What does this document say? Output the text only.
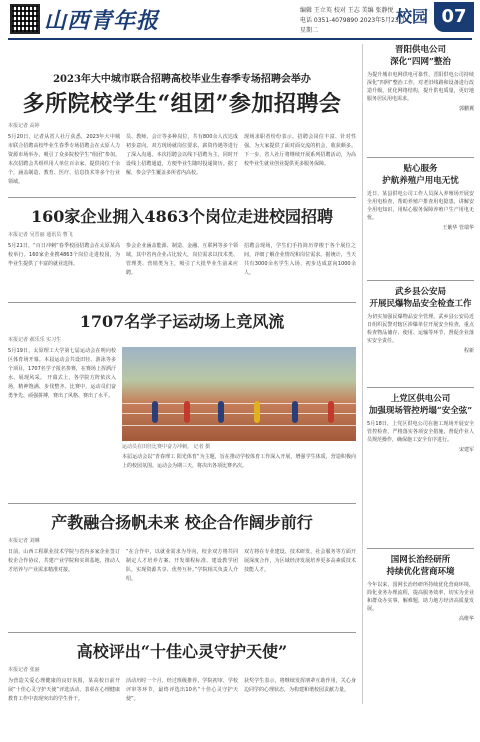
山西青年报	编辑 王立英 校对 王志 美编 张静悦
电话 0351-4079890 2023年5月23日 星期二
校园 07
2023年大中城市联合招聘高校毕业生春季专场招聘会举办
多所院校学生“组团”参加招聘会
本报记者 高婷
5月20日，记者从省人社厅获悉，2023年大中城市联合招聘高校毕业生春季专场招聘会在太原人力资源市场举办，吸引了众多院校学生“组团”参加。本次招聘会共组织用人单位百余家，提供岗位千余个，涵盖制造、教育、医疗、信息技术等多个行业领域。
员、教师、会计等多种岗位，共有800余人次达成初步意向。双方现场就岗位要求、薪资待遇等进行了深入沟通。本次招聘会以线下招聘为主，同时开设线上招聘通道，方便毕业生随时投递简历。据了解，参会学生覆盖多所省内高校。
现场求职者纷纷表示，招聘会岗位丰富、针对性强，为大家提供了面对面交流的机会，收获颇多。下一步，省人社厅将继续开展系列招聘活动，为高校毕业生就业创业提供更多服务保障。
160家企业拥入4863个岗位走进校园招聘
本报记者 吴晋丽 通讯员 曹飞
5月21日，“百日冲刺”春季校园招聘会在太原某高校举行。160家企业携4863个岗位走进校园，为毕业生提供了丰富的就业选择。
参会企业涵盖能源、制造、金融、互联网等多个领域，其中省内企业占比较大，岗位需求以技术类、管理类、营销类为主，吸引了大批毕业生前来应聘。
招聘会现场，学生们手持简历穿梭于各个展位之间，详细了解企业情况和岗位需求。据统计，当天共有3000余名学生入场，初步达成意向1000余人。
1707名学子运动场上竞风流
本报记者 郝乐乐 实习生
5月19日，太原理工大学第七届运动会在明向校区体育场开幕。本届运动会共设田径、游泳等多个项目，1707名学子报名参赛，在赛场上挥洒汗水、展现风采。 开幕式上，各学院方阵依次入场，精神饱满、步伐整齐。比赛中，运动员们奋勇争先、顽强拼搏，赛出了风格、赛出了水平。
运动员在田径比赛中奋力冲刺。 记者 摄
本届运动会以“青春理工 阳光体育”为主题，旨在推动学校体育工作深入开展，增强学生体质，营造积极向上的校园氛围。运动会为期三天，将决出各项比赛名次。
产教融合扬帆未来 校企合作阔步前行
本报记者 刘琳
日前，山西工程职业技术学院与省内多家企业签订校企合作协议，共建产业学院和实训基地，推动人才培养与产业需求精准对接。
“在合作中，以就业需求为导向，校企双方将共同制定人才培养方案、开发课程标准、建设教学团队，实现资源共享、优势互补。”学院相关负责人介绍。
双方将在专业建设、技术研发、社会服务等方面开展深度合作，为区域经济发展培养更多高素质技术技能人才。
高校评出“十佳心灵守护天使”
本报记者 张丽
为营造关爱心理健康的良好氛围，某高校日前开展“十佳心灵守护天使”评选活动，表彰在心理健康教育工作中表现突出的学生骨干。
活动历时一个月，经过班级推荐、学院初审、学校评审等环节，最终评选出10名“十佳心灵守护天使”。
获奖学生表示，将继续发挥朋辈互助作用，关心身边同学的心理状态，为构建和谐校园贡献力量。
晋阳供电公司
深化“四网”整治
为提升城市电网供电可靠性，晋阳供电公司持续深化“四网”整治工作，对老旧线路和设备进行改造升级，优化网络结构，提升供电质量，更好地服务居民用电需求。
郭鹏翼
贴心服务
护航养殖户用电无忧
近日，某县供电公司工作人员深入养殖场开展安全用电检查，帮助养殖户排查用电隐患，讲解安全用电知识，用贴心服务保障养殖户生产用电无忧。
王紫华 管瑞华
武乡县公安局
开展民爆物品安全检查工作
为切实加强民爆物品安全管理，武乡县公安局近日组织民警对辖区涉爆单位开展安全检查，重点检查物品储存、使用、运输等环节，督促企业落实安全责任。
程新
上党区供电公司
加强现场管控坍塌“安全弦”
5月18日，上党区供电公司在施工现场开展安全管控检查，严格落实各项安全措施，督促作业人员规范操作，确保施工安全有序进行。
宋建军
国网长治经研所
持续优化营商环境
今年以来，国网长治经研所持续优化营商环境，简化业务办理流程，提高服务效率，切实为企业和群众办实事、解难题，助力地方经济高质量发展。
高维华
